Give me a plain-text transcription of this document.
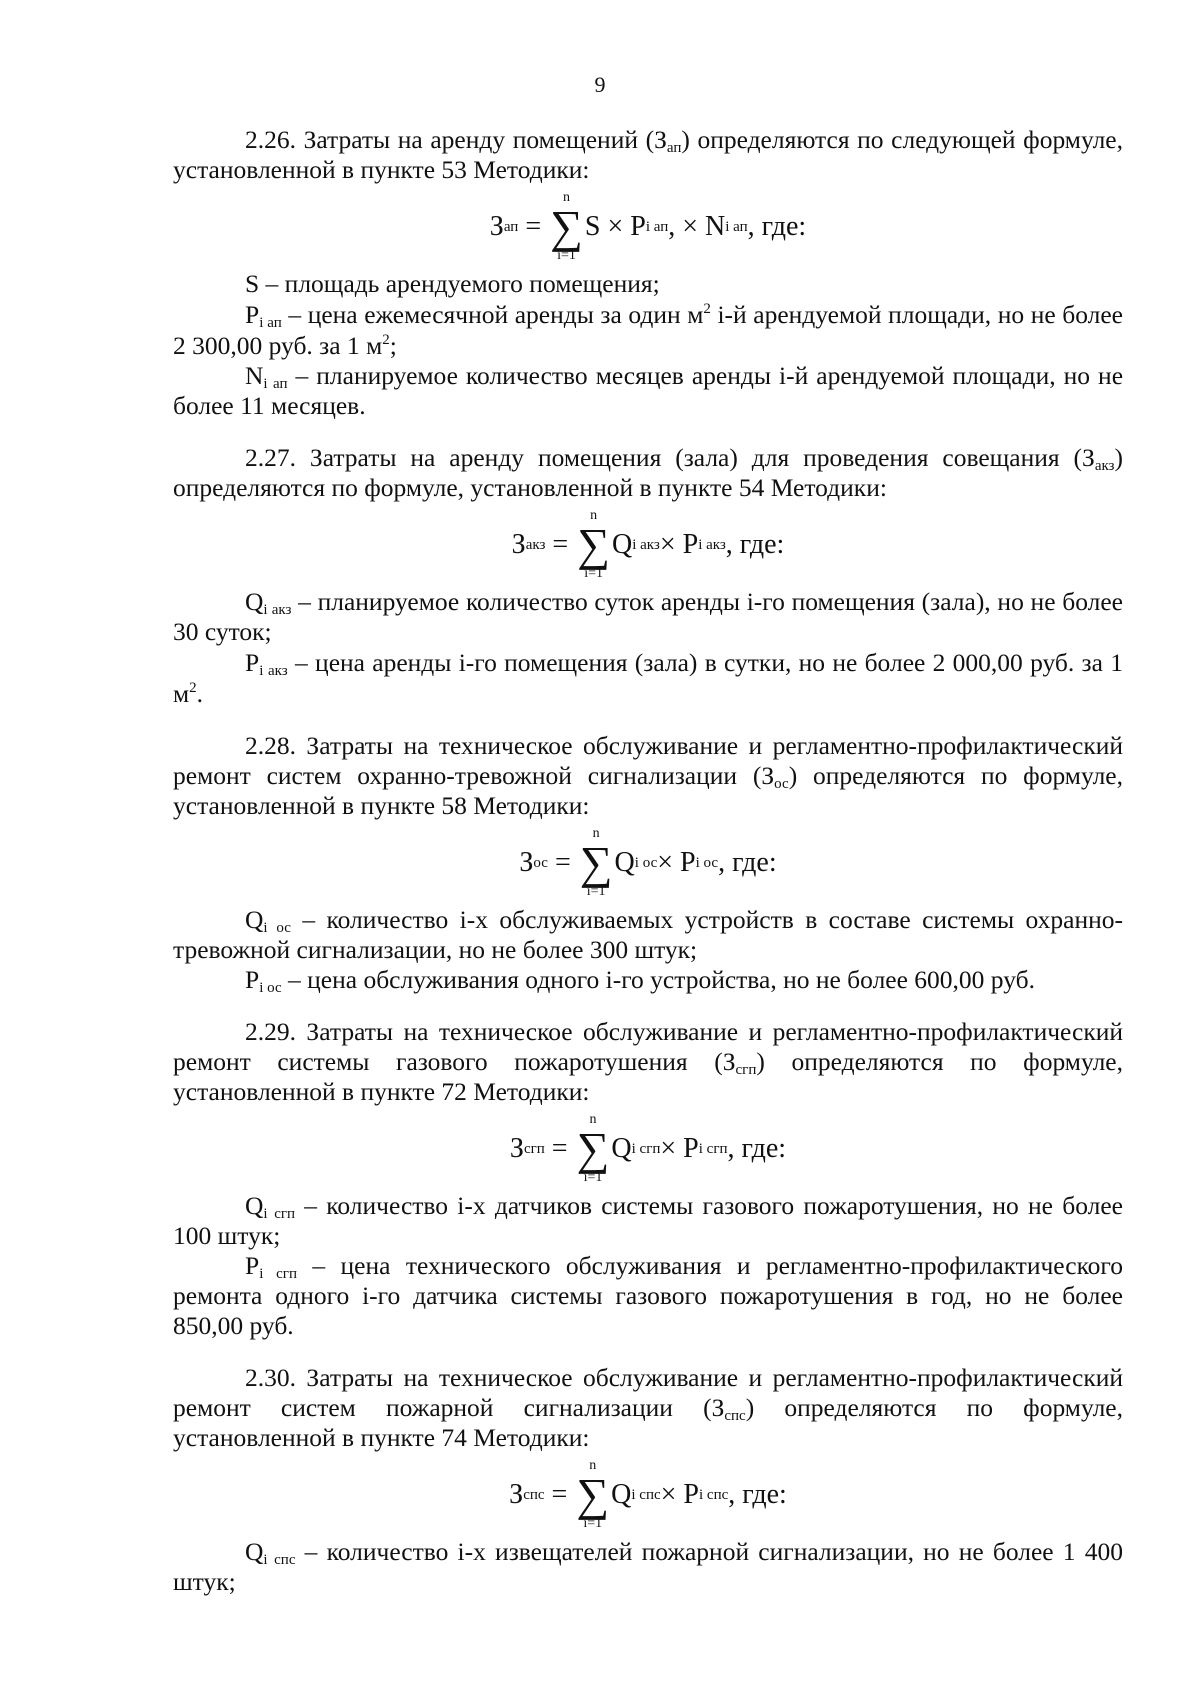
9

2.26. Затраты на аренду помещений $(З_{ап})$ определяются по следующей формуле, установленной в пункте 53 Методики:

З ап =
n
∑
i=1
S × P i ап , × N i ап , где:

S – площадь арендуемого помещения;

$P_{i ап}$ – цена ежемесячной аренды за один $м^2$ i-й арендуемой площади, но не более 2 300,00 руб. за 1 $м^2$;

$N_{i ап}$ – планируемое количество месяцев аренды i-й арендуемой площади, но не более 11 месяцев.

2.27. Затраты на аренду помещения (зала) для проведения совещания $(З_{акз})$ определяются по формуле, установленной в пункте 54 Методики:

З акз =
n
∑
i=1
Q i акз × P i акз , где:

$Q_{i акз}$ – планируемое количество суток аренды i-го помещения (зала), но не более 30 суток;

$P_{i акз}$ – цена аренды i-го помещения (зала) в сутки, но не более 2 000,00 руб. за 1 $м^2$.

2.28. Затраты на техническое обслуживание и регламентно-профилактический ремонт систем охранно-тревожной сигнализации $(З_{ос})$ определяются по формуле, установленной в пункте 58 Методики:

З ос =
n
∑
i=1
Q i ос × P i ос , где:

$Q_{i ос}$ – количество i-х обслуживаемых устройств в составе системы охранно-тревожной сигнализации, но не более 300 штук;

$P_{i ос}$ – цена обслуживания одного i-го устройства, но не более 600,00 руб.

2.29. Затраты на техническое обслуживание и регламентно-профилактический ремонт системы газового пожаротушения $(З_{сгп})$ определяются по формуле, установленной в пункте 72 Методики:

З сгп =
n
∑
i=1
Q i сгп × P i сгп , где:

$Q_{i сгп}$ – количество i-х датчиков системы газового пожаротушения, но не более 100 штук;

$P_{i сгп}$ – цена технического обслуживания и регламентно-профилактического ремонта одного i-го датчика системы газового пожаротушения в год, но не более 850,00 руб.

2.30. Затраты на техническое обслуживание и регламентно-профилактический ремонт систем пожарной сигнализации $(З_{спс})$ определяются по формуле, установленной в пункте 74 Методики:

З спс =
n
∑
i=1
Q i спс × P i спс , где:

$Q_{i спс}$ – количество i-х извещателей пожарной сигнализации, но не более 1 400 штук;
